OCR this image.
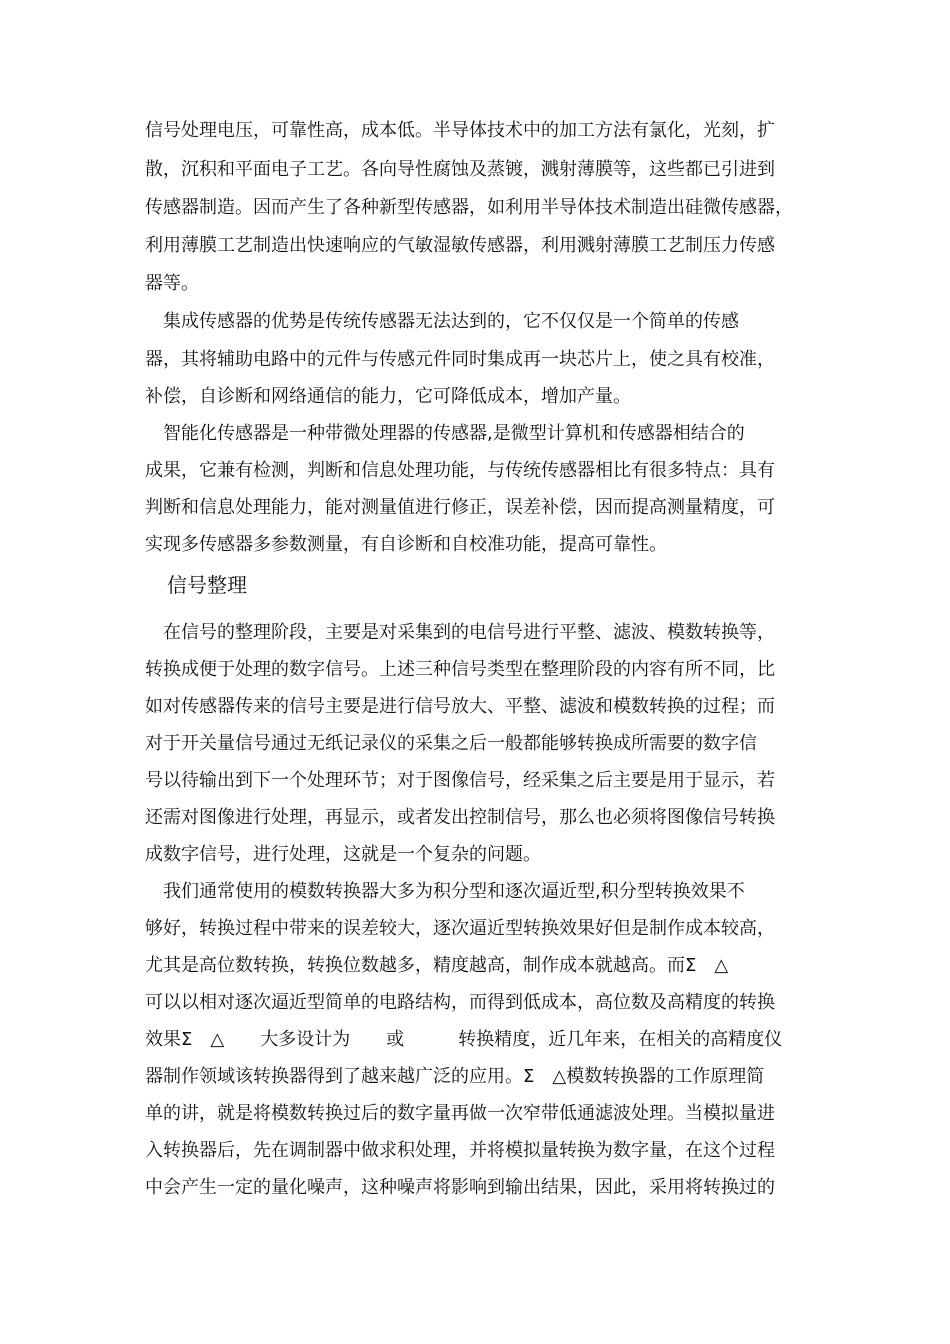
信号处理电压，可靠性高，成本低。半导体技术中的加工方法有氯化，光刻，扩

散，沉积和平面电子工艺。各向导性腐蚀及蒸镀，溅射薄膜等，这些都已引进到

传感器制造。因而产生了各种新型传感器，如利用半导体技术制造出硅微传感器，

利用薄膜工艺制造出快速响应的气敏湿敏传感器，利用溅射薄膜工艺制压力传感

器等。

　集成传感器的优势是传统传感器无法达到的，它不仅仅是一个简单的传感

器，其将辅助电路中的元件与传感元件同时集成再一块芯片上，使之具有校准，

补偿，自诊断和网络通信的能力，它可降低成本，增加产量。

　智能化传感器是一种带微处理器的传感器,是微型计算机和传感器相结合的

成果，它兼有检测，判断和信息处理功能，与传统传感器相比有很多特点：具有

判断和信息处理能力，能对测量值进行修正，误差补偿，因而提高测量精度，可

实现多传感器多参数测量，有自诊断和自校准功能，提高可靠性。

信号整理

　在信号的整理阶段，主要是对采集到的电信号进行平整、滤波、模数转换等，

转换成便于处理的数字信号。上述三种信号类型在整理阶段的内容有所不同，比

如对传感器传来的信号主要是进行信号放大、平整、滤波和模数转换的过程；而

对于开关量信号通过无纸记录仪的采集之后一般都能够转换成所需要的数字信

号以待输出到下一个处理环节；对于图像信号，经采集之后主要是用于显示，若

还需对图像进行处理，再显示，或者发出控制信号，那么也必须将图像信号转换

成数字信号，进行处理，这就是一个复杂的问题。

　我们通常使用的模数转换器大多为积分型和逐次逼近型,积分型转换效果不

够好，转换过程中带来的误差较大，逐次逼近型转换效果好但是制作成本较高，

尤其是高位数转换，转换位数越多，精度越高，制作成本就越高。而Σ　△

可以以相对逐次逼近型简单的电路结构，而得到低成本，高位数及高精度的转换

效果Σ　△　　大多设计为　　或　　　转换精度，近几年来，在相关的高精度仪

器制作领域该转换器得到了越来越广泛的应用。Σ　△模数转换器的工作原理简

单的讲，就是将模数转换过后的数字量再做一次窄带低通滤波处理。当模拟量进

入转换器后，先在调制器中做求积处理，并将模拟量转换为数字量，在这个过程

中会产生一定的量化噪声，这种噪声将影响到输出结果，因此，采用将转换过的
